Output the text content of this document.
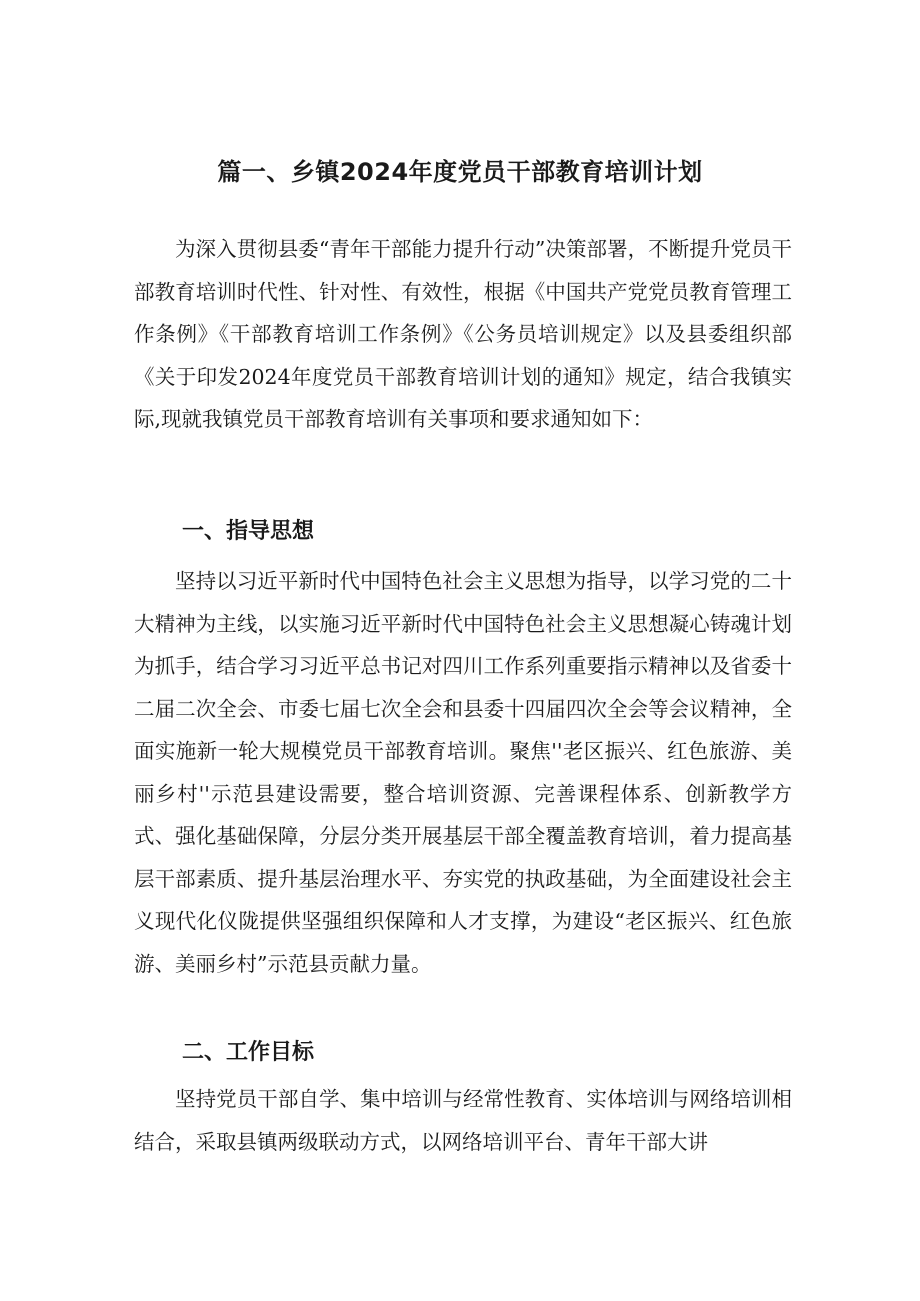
篇一、乡镇2024年度党员干部教育培训计划

为深入贯彻县委“青年干部能力提升行动”决策部署，不断提升党员干部教育培训时代性、针对性、有效性，根据《中国共产党党员教育管理工作条例》《干部教育培训工作条例》《公务员培训规定》以及县委组织部《关于印发2024年度党员干部教育培训计划的通知》规定，结合我镇实际,现就我镇党员干部教育培训有关事项和要求通知如下：

一、指导思想

坚持以习近平新时代中国特色社会主义思想为指导，以学习党的二十大精神为主线，以实施习近平新时代中国特色社会主义思想凝心铸魂计划为抓手，结合学习习近平总书记对四川工作系列重要指示精神以及省委十二届二次全会、市委七届七次全会和县委十四届四次全会等会议精神，全面实施新一轮大规模党员干部教育培训。聚焦''老区振兴、红色旅游、美丽乡村''示范县建设需要，整合培训资源、完善课程体系、创新教学方式、强化基础保障，分层分类开展基层干部全覆盖教育培训，着力提高基层干部素质、提升基层治理水平、夯实党的执政基础，为全面建设社会主义现代化仪陇提供坚强组织保障和人才支撑，为建设“老区振兴、红色旅游、美丽乡村”示范县贡献力量。

二、工作目标

坚持党员干部自学、集中培训与经常性教育、实体培训与网络培训相结合，采取县镇两级联动方式，以网络培训平台、青年干部大讲
